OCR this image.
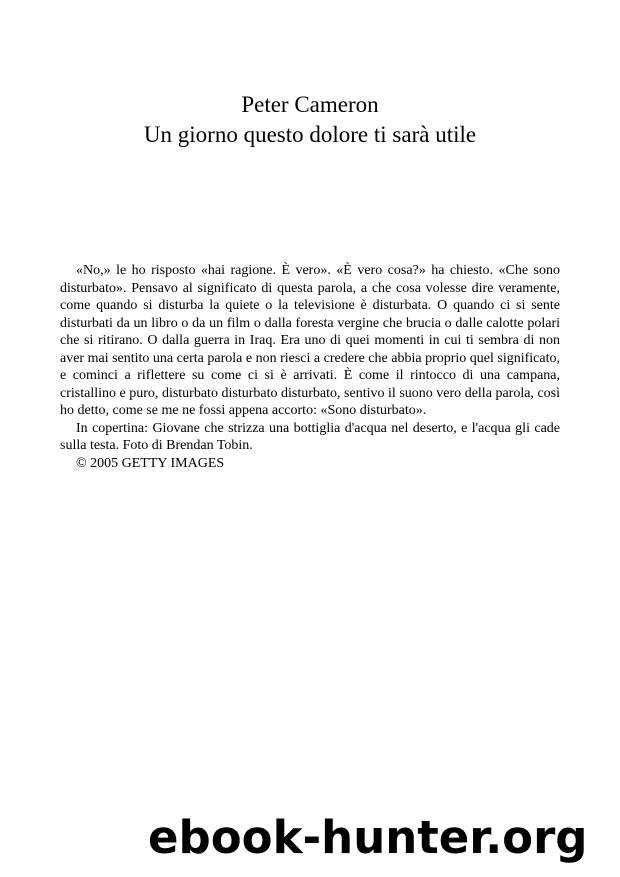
Peter Cameron
Un giorno questo dolore ti sarà utile

«No,» le ho risposto «hai ragione. È vero». «È vero cosa?» ha chiesto. «Che sono disturbato». Pensavo al significato di questa parola, a che cosa volesse dire veramente, come quando si disturba la quiete o la televisione è disturbata. O quando ci si sente disturbati da un libro o da un film o dalla foresta vergine che brucia o dalle calotte polari che si ritirano. O dalla guerra in Iraq. Era uno di quei momenti in cui ti sembra di non aver mai sentito una certa parola e non riesci a credere che abbia proprio quel significato, e cominci a riflettere su come ci si è arrivati. È come il rintocco di una campana, cristallino e puro, disturbato disturbato disturbato, sentivo il suono vero della parola, così ho detto, come se me ne fossi appena accorto: «Sono disturbato».

In copertina: Giovane che strizza una bottiglia d'acqua nel deserto, e l'acqua gli cade sulla testa. Foto di Brendan Tobin.

© 2005 GETTY IMAGES

ebook-hunter.org
